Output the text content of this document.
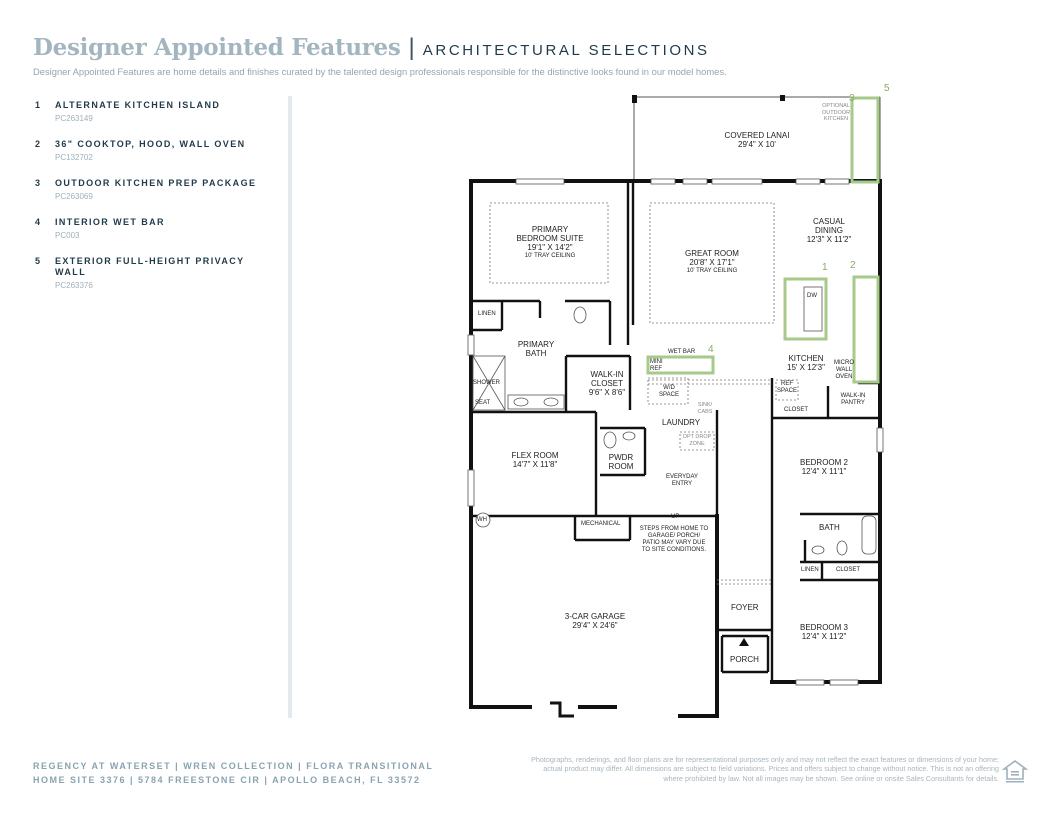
Designer Appointed Features | ARCHITECTURAL SELECTIONS
Designer Appointed Features are home details and finishes curated by the talented design professionals responsible for the distinctive looks found in our model homes.
1 ALTERNATE KITCHEN ISLAND
PC263149
2 36" COOKTOP, HOOD, WALL OVEN
PC132702
3 OUTDOOR KITCHEN PREP PACKAGE
PC263069
4 INTERIOR WET BAR
PC003
5 EXTERIOR FULL-HEIGHT PRIVACY WALL
PC263376
COVERED LANAI
29'4" X 10'
OPTIONAL
OUTDOOR
KITCHEN
3
5
PRIMARY
BEDROOM SUITE
19'1" X 14'2"
10' TRAY CEILING	GREAT ROOM
20'8" X 17'1"
10' TRAY CEILING
CASUAL
DINING
12'3" X 11'2"
1 2
DW
LINEN
PRIMARY
BATH
SHOWER
SEAT
WALK-IN
CLOSET
9'6" X 8'6"
MINI
REF
WET BAR 4
KITCHEN
15' X 12'3"	MICRO
WALL
OVEN
W/D
SPACE
SINK/
CABS
REF
SPACE
CLOSET
WALK-IN
PANTRY
LAUNDRY
OPT DROP
ZONE
FLEX ROOM
14'7" X 11'8"
PWDR
ROOM
EVERYDAY
ENTRY
BEDROOM 2
12'4" X 11'1"
WH
MECHANICAL
UP
STEPS FROM HOME TO
GARAGE/ PORCH/
PATIO MAY VARY DUE
TO SITE CONDITIONS.
BATH
LINEN	CLOSET
FOYER
3-CAR GARAGE
29'4" X 24'6"	BEDROOM 3
12'4" X 11'2"
PORCH
REGENCY AT WATERSET | WREN COLLECTION | FLORA TRANSITIONAL
HOME SITE 3376 | 5784 FREESTONE CIR | APOLLO BEACH, FL 33572
Photographs, renderings, and floor plans are for representational purposes only and may not reflect the exact features or dimensions of your home; actual product may differ. All dimensions are subject to field variations. Prices and offers subject to change without notice. This is not an offering where prohibited by law. Not all images may be shown. See online or onsite Sales Consultants for details.
